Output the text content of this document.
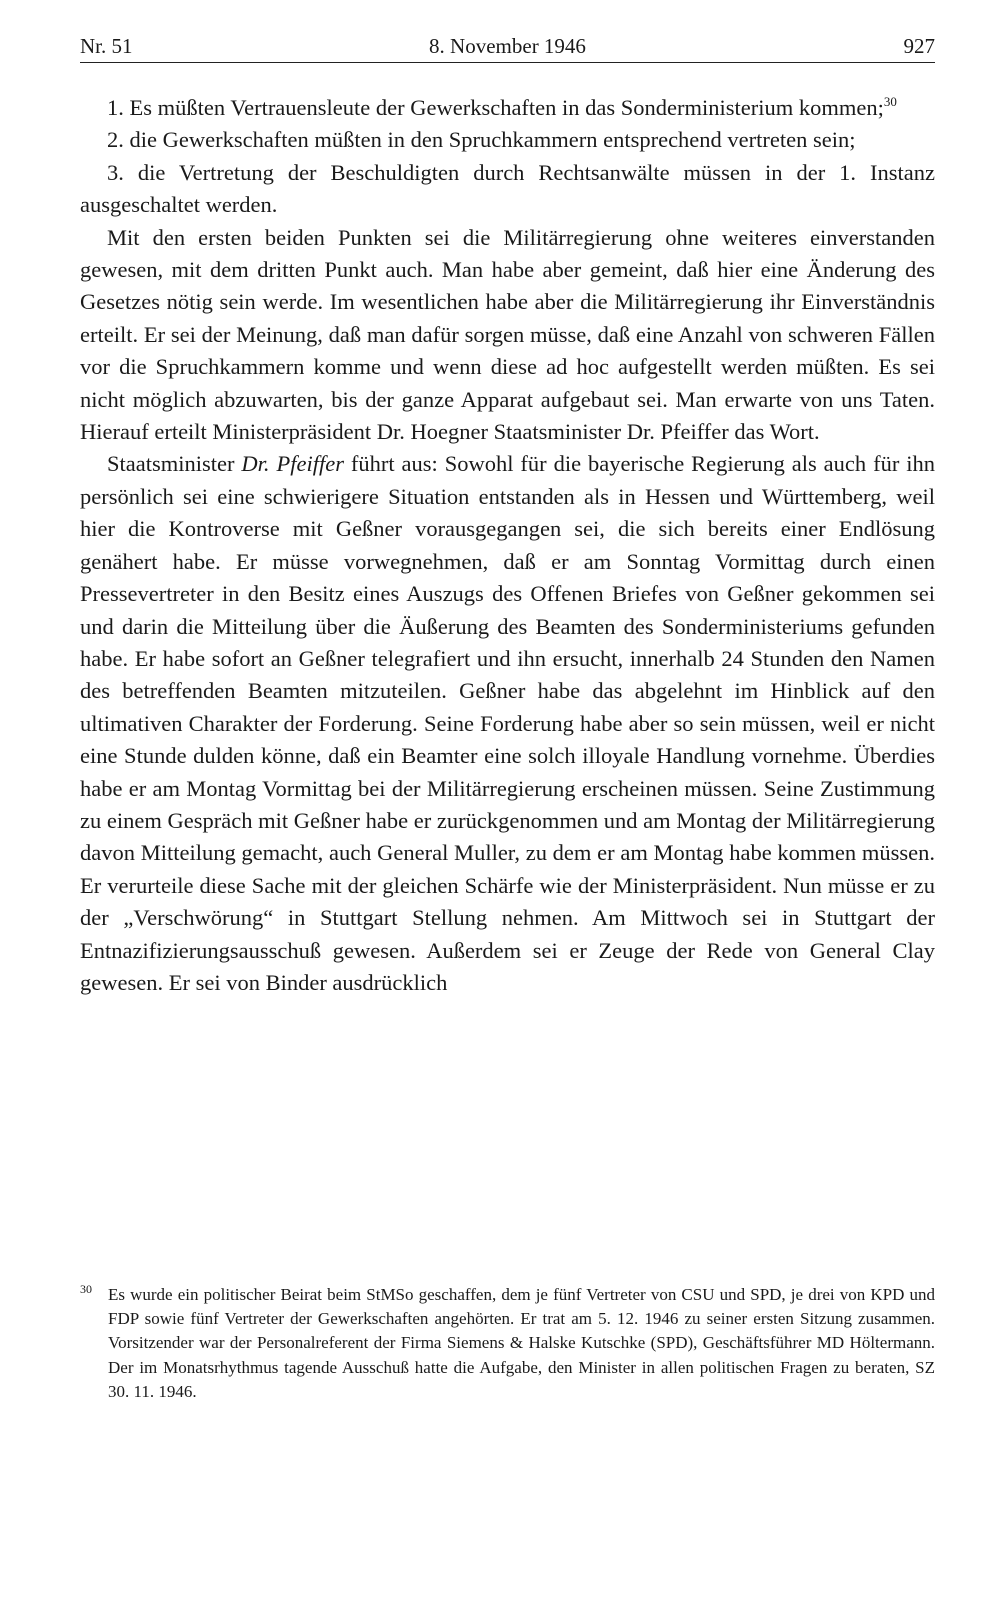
Nr. 51	8. November 1946	927

1. Es müßten Vertrauensleute der Gewerkschaften in das Sonderministerium kommen;$^{30}$

2. die Gewerkschaften müßten in den Spruchkammern entsprechend vertreten sein;

3. die Vertretung der Beschuldigten durch Rechtsanwälte müssen in der 1. Instanz ausgeschaltet werden.

Mit den ersten beiden Punkten sei die Militärregierung ohne weiteres einverstanden gewesen, mit dem dritten Punkt auch. Man habe aber gemeint, daß hier eine Änderung des Gesetzes nötig sein werde. Im wesentlichen habe aber die Militärregierung ihr Einverständnis erteilt. Er sei der Meinung, daß man dafür sorgen müsse, daß eine Anzahl von schweren Fällen vor die Spruchkammern komme und wenn diese ad hoc aufgestellt werden müßten. Es sei nicht möglich abzuwarten, bis der ganze Apparat aufgebaut sei. Man erwarte von uns Taten. Hierauf erteilt Ministerpräsident Dr. Hoegner Staatsminister Dr. Pfeiffer das Wort.

Staatsminister Dr. Pfeiffer führt aus: Sowohl für die bayerische Regierung als auch für ihn persönlich sei eine schwierigere Situation entstanden als in Hessen und Württemberg, weil hier die Kontroverse mit Geßner vorausgegangen sei, die sich bereits einer Endlösung genähert habe. Er müsse vorwegnehmen, daß er am Sonntag Vormittag durch einen Pressevertreter in den Besitz eines Auszugs des Offenen Briefes von Geßner gekommen sei und darin die Mitteilung über die Äußerung des Beamten des Sonderministeriums gefunden habe. Er habe sofort an Geßner telegrafiert und ihn ersucht, innerhalb 24 Stunden den Namen des betreffenden Beamten mitzuteilen. Geßner habe das abgelehnt im Hinblick auf den ultimativen Charakter der Forderung. Seine Forderung habe aber so sein müssen, weil er nicht eine Stunde dulden könne, daß ein Beamter eine solch illoyale Handlung vornehme. Überdies habe er am Montag Vormittag bei der Militärregierung erscheinen müssen. Seine Zustimmung zu einem Gespräch mit Geßner habe er zurückgenommen und am Montag der Militärregierung davon Mitteilung gemacht, auch General Muller, zu dem er am Montag habe kommen müssen. Er verurteile diese Sache mit der gleichen Schärfe wie der Ministerpräsident. Nun müsse er zu der „Verschwörung“ in Stuttgart Stellung nehmen. Am Mittwoch sei in Stuttgart der Entnazifizierungsausschuß gewesen. Außerdem sei er Zeuge der Rede von General Clay gewesen. Er sei von Binder ausdrücklich

30 Es wurde ein politischer Beirat beim StMSo geschaffen, dem je fünf Vertreter von CSU und SPD, je drei von KPD und FDP sowie fünf Vertreter der Gewerkschaften angehörten. Er trat am 5. 12. 1946 zu seiner ersten Sitzung zusammen. Vorsitzender war der Personalreferent der Firma Siemens & Halske Kutschke (SPD), Geschäftsführer MD Höltermann. Der im Monatsrhythmus tagende Ausschuß hatte die Aufgabe, den Minister in allen politischen Fragen zu beraten, SZ 30. 11. 1946.
